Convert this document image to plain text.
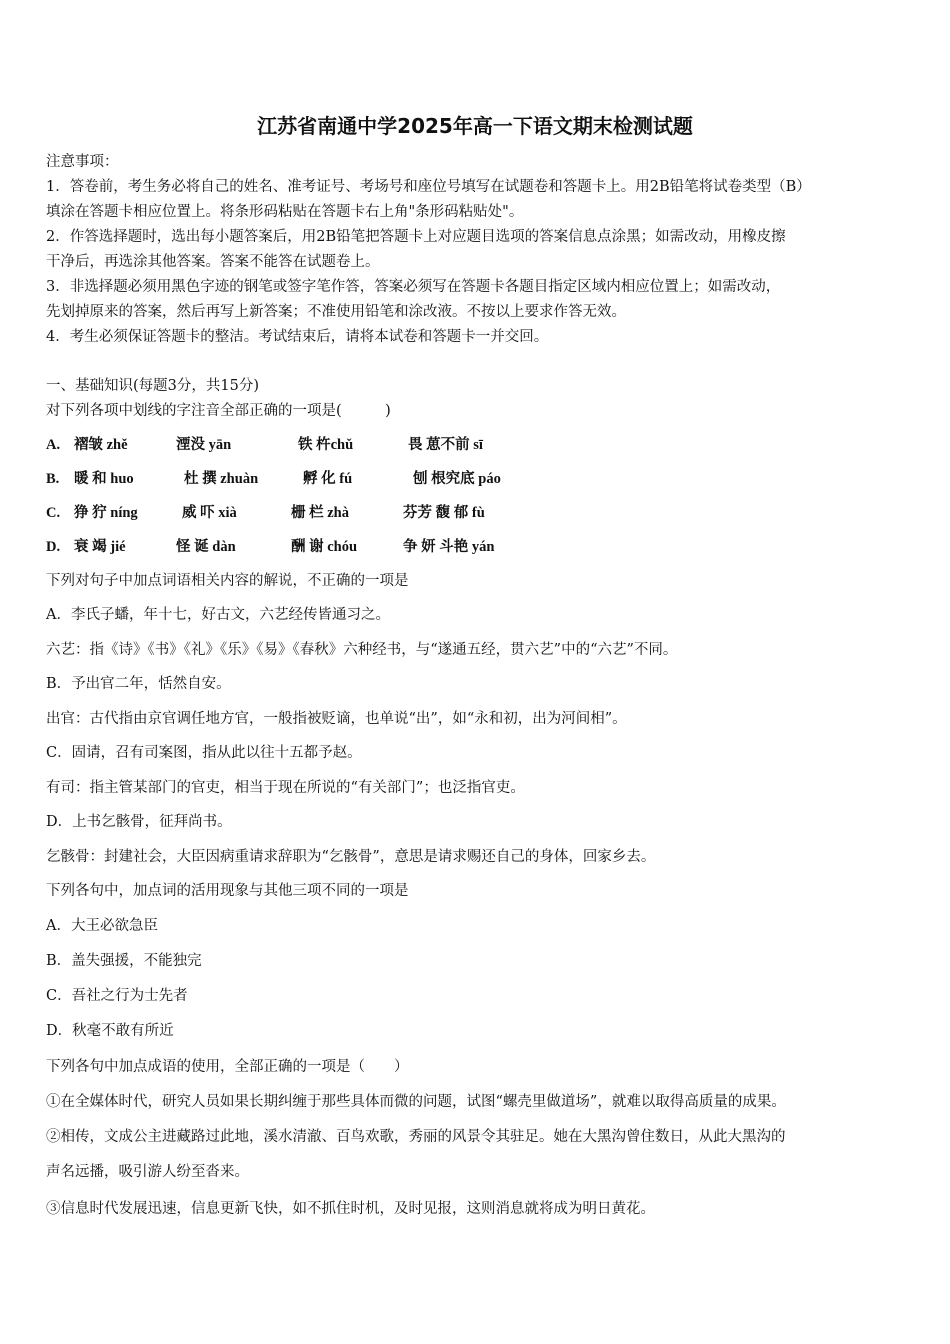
江苏省南通中学2025年高一下语文期末检测试题
注意事项：
1．答卷前，考生务必将自己的姓名、准考证号、考场号和座位号填写在试题卷和答题卡上。用2B铅笔将试卷类型（B）
填涂在答题卡相应位置上。将条形码粘贴在答题卡右上角"条形码粘贴处"。
2．作答选择题时，选出每小题答案后，用2B铅笔把答题卡上对应题目选项的答案信息点涂黑；如需改动，用橡皮擦
干净后，再选涂其他答案。答案不能答在试题卷上。
3．非选择题必须用黑色字迹的钢笔或签字笔作答，答案必须写在答题卡各题目指定区域内相应位置上；如需改动，
先划掉原来的答案，然后再写上新答案；不准使用铅笔和涂改液。不按以上要求作答无效。
4．考生必须保证答题卡的整洁。考试结束后，请将本试卷和答题卡一并交回。
一、基础知识(每题3分，共15分)
对下列各项中划线的字注音全部正确的一项是(　　　)
A. 褶皱 zhě	湮没 yān	铁 杵chǔ	畏 葸不前 sī
B. 暖 和 huo	杜 撰 zhuàn	孵 化 fú	刨 根究底 páo
C. 狰 狞 níng	威 吓 xià	栅 栏 zhà	芬芳 馥 郁 fù
D. 衰 竭 jié	怪 诞 dàn	酬 谢 chóu	争 妍 斗艳 yán
下列对句子中加点词语相关内容的解说，不正确的一项是
A．李氏子蟠，年十七，好古文，六艺经传皆通习之。
六艺：指《诗》《书》《礼》《乐》《易》《春秋》六种经书，与“遂通五经，贯六艺”中的“六艺”不同。
B．予出官二年，恬然自安。
出官：古代指由京官调任地方官，一般指被贬谪，也单说“出”，如“永和初，出为河间相”。
C．固请，召有司案图，指从此以往十五都予赵。
有司：指主管某部门的官吏，相当于现在所说的“有关部门”；也泛指官吏。
D．上书乞骸骨，征拜尚书。
乞骸骨：封建社会，大臣因病重请求辞职为“乞骸骨”，意思是请求赐还自己的身体，回家乡去。
下列各句中，加点词的活用现象与其他三项不同的一项是
A．大王必欲急臣
B．盖失强援，不能独完
C．吾社之行为士先者
D．秋毫不敢有所近
下列各句中加点成语的使用，全部正确的一项是（　　）
①在全媒体时代，研究人员如果长期纠缠于那些具体而微的问题，试图“螺壳里做道场”，就难以取得高质量的成果。
②相传，文成公主进藏路过此地，溪水清澈、百鸟欢歌，秀丽的风景令其驻足。她在大黑沟曾住数日，从此大黑沟的
声名远播，吸引游人纷至沓来。
③信息时代发展迅速，信息更新飞快，如不抓住时机，及时见报，这则消息就将成为明日黄花。
